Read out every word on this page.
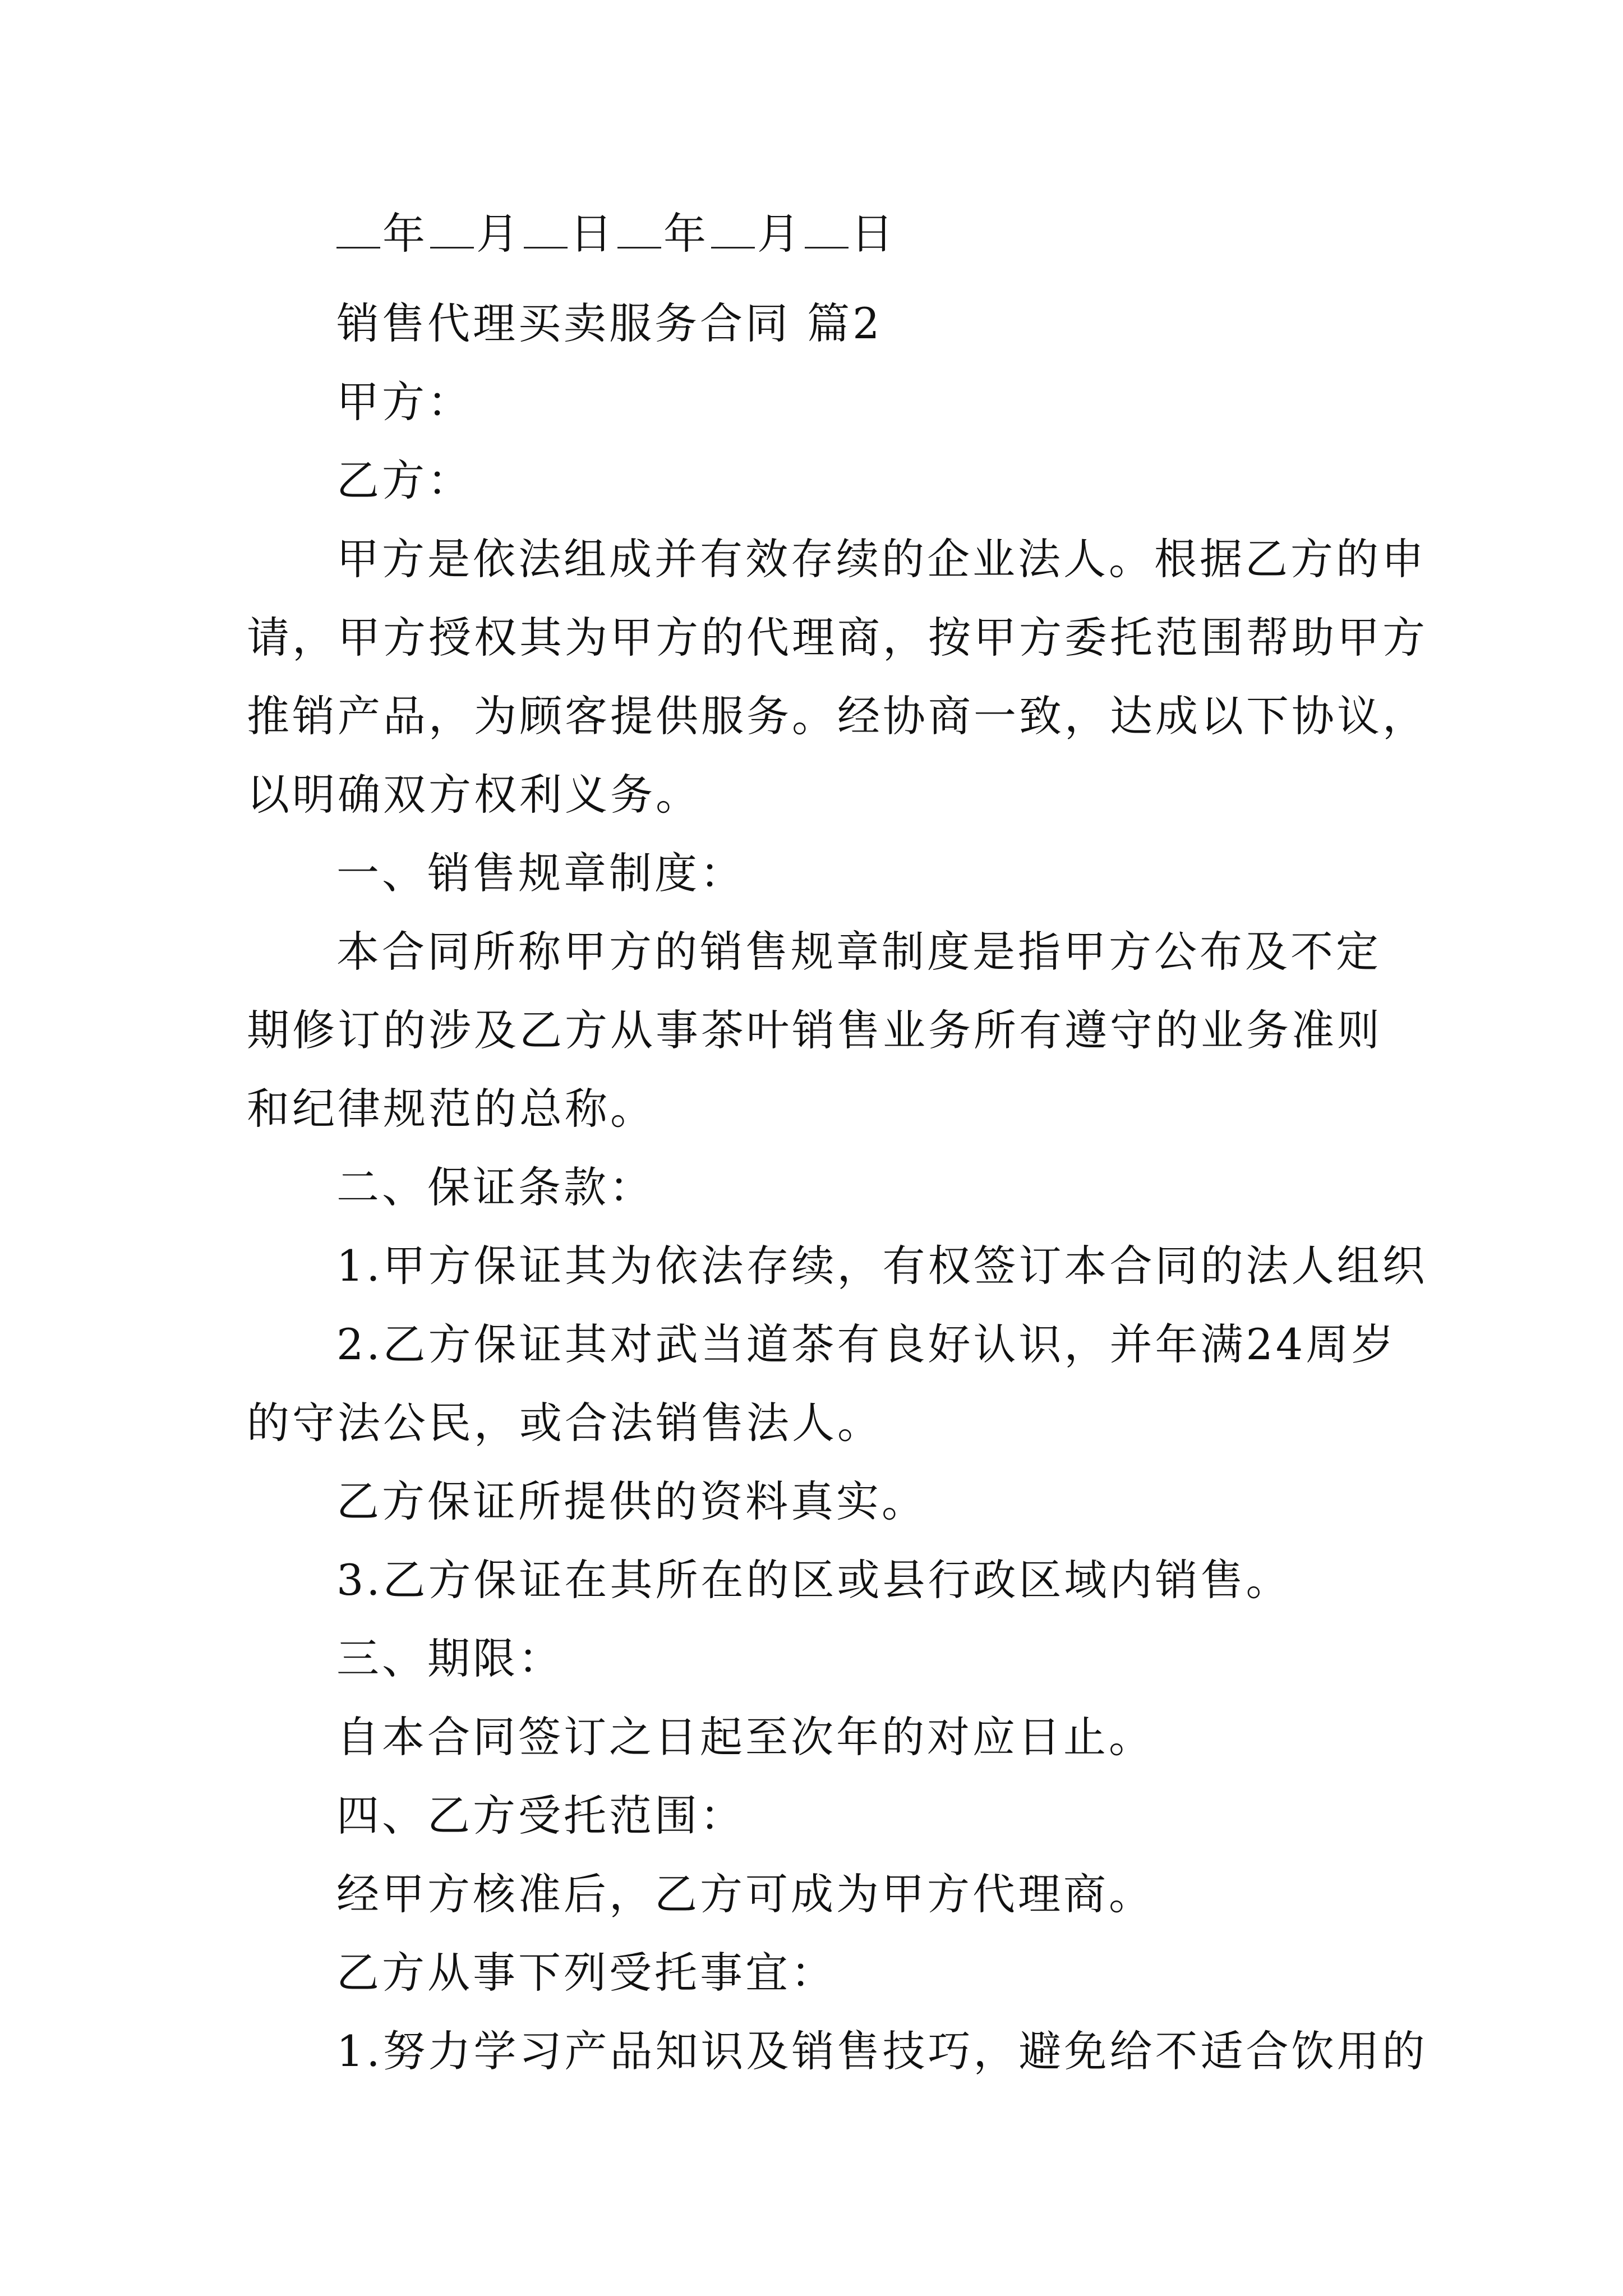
年 月 日 年 月 日
销售代理买卖服务合同 篇2
甲方：
乙方：
甲方是依法组成并有效存续的企业法人。根据乙方的申
请，甲方授权其为甲方的代理商，按甲方委托范围帮助甲方
推销产品，为顾客提供服务。经协商一致，达成以下协议，
以明确双方权利义务。
一、销售规章制度：
本合同所称甲方的销售规章制度是指甲方公布及不定
期修订的涉及乙方从事茶叶销售业务所有遵守的业务准则
和纪律规范的总称。
二、保证条款：
1.甲方保证其为依法存续，有权签订本合同的法人组织
2.乙方保证其对武当道茶有良好认识，并年满24周岁
的守法公民，或合法销售法人。
乙方保证所提供的资料真实。
3.乙方保证在其所在的区或县行政区域内销售。
三、期限：
自本合同签订之日起至次年的对应日止。
四、乙方受托范围：
经甲方核准后，乙方可成为甲方代理商。
乙方从事下列受托事宜：
1.努力学习产品知识及销售技巧，避免给不适合饮用的
